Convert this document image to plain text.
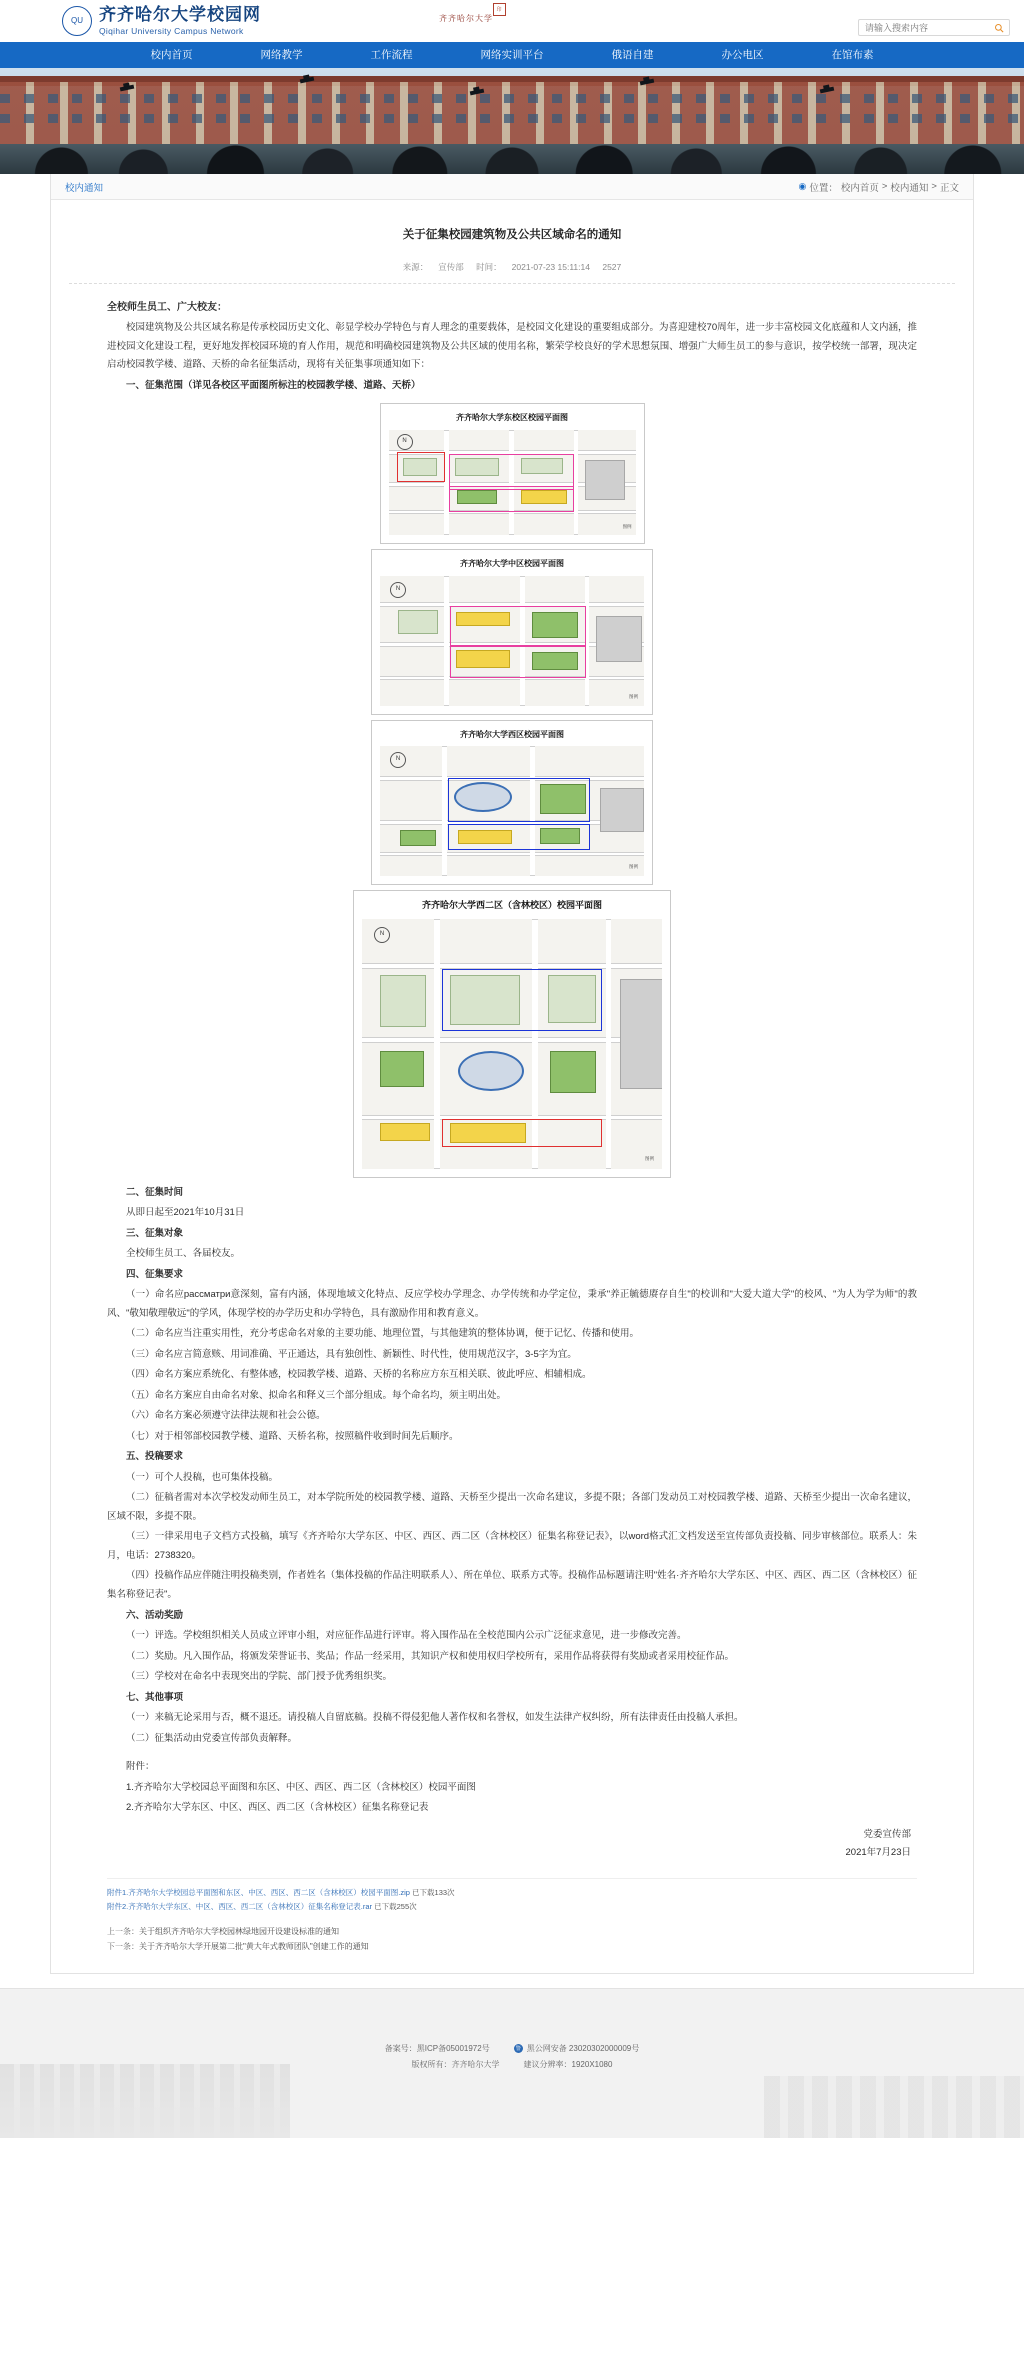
QU 齐齐哈尔大学校园网
Qiqihar University Campus Network
齐齐哈尔大学
印
请输入搜索内容
校内首页	网络教学	工作流程	网络实训平台	俄语自建	办公电区	在馆布素
校内通知	◉ 位置： 校内首页 > 校内通知 > 正文
关于征集校园建筑物及公共区域命名的通知
来源： 宣传部 时间： 2021-07-23 15:11:14 2527

全校师生员工、广大校友：

校园建筑物及公共区域名称是传承校园历史文化、彰显学校办学特色与育人理念的重要载体，是校园文化建设的重要组成部分。为喜迎建校70周年，进一步丰富校园文化底蕴和人文内涵，推进校园文化建设工程，更好地发挥校园环境的育人作用，规范和明确校园建筑物及公共区域的使用名称，繁荣学校良好的学术思想氛围、增强广大师生员工的参与意识，按学校统一部署，现决定启动校园教学楼、道路、天桥的命名征集活动，现将有关征集事项通知如下：

一、征集范围（详见各校区平面图所标注的校园教学楼、道路、天桥）

齐齐哈尔大学东校区校园平面图
N
图例
齐齐哈尔大学中区校园平面图
N
图例
齐齐哈尔大学西区校园平面图
N
图例
齐齐哈尔大学西二区（含林校区）校园平面图
N
图例

二、征集时间

从即日起至2021年10月31日

三、征集对象

全校师生员工、各届校友。

四、征集要求

（一）命名应рассматри意深刻，富有内涵，体现地域文化特点、反应学校办学理念、办学传统和办学定位，秉承"养正毓德赓存自生"的校训和"大爱大道大学"的校风、"为人为学为师"的教风、"敬知敬理敬远"的学风，体现学校的办学历史和办学特色，具有激励作用和教育意义。

（二）命名应当注重实用性，充分考虑命名对象的主要功能、地理位置，与其他建筑的整体协调，便于记忆、传播和使用。

（三）命名应言简意赅、用词准确、平正通达，具有独创性、新颖性、时代性，使用规范汉字，3-5字为宜。

（四）命名方案应系统化、有整体感，校园教学楼、道路、天桥的名称应方东互相关联、彼此呼应、相辅相成。

（五）命名方案应自由命名对象、拟命名和释义三个部分组成。每个命名均，须主明出处。

（六）命名方案必须遵守法律法规和社会公德。

（七）对于相邻部校园教学楼、道路、天桥名称，按照稿件收到时间先后顺序。

五、投稿要求

（一）可个人投稿，也可集体投稿。

（二）征稿者需对本次学校发动师生员工，对本学院所处的校园教学楼、道路、天桥至少提出一次命名建议，多提不限；各部门发动员工对校园教学楼、道路、天桥至少提出一次命名建议，区域不限，多提不限。

（三）一律采用电子文档方式投稿，填写《齐齐哈尔大学东区、中区、西区、西二区（含林校区）征集名称登记表》，以word格式汇文档发送至宣传部负责投稿、同步审核部位。联系人：朱月，电话：2738320。

（四）投稿作品应伴随注明投稿类别，作者姓名（集体投稿的作品注明联系人）、所在单位、联系方式等。投稿作品标题请注明"姓名·齐齐哈尔大学东区、中区、西区、西二区（含林校区）征集名称登记表"。

六、活动奖励

（一）评选。学校组织相关人员成立评审小组，对应征作品进行评审。将入围作品在全校范围内公示广泛征求意见，进一步修改完善。

（二）奖励。凡入围作品，将颁发荣誉证书、奖品；作品一经采用，其知识产权和使用权归学校所有，采用作品将获得有奖励或者采用校征作品。

（三）学校对在命名中表现突出的学院、部门授予优秀组织奖。

七、其他事项

（一）来稿无论采用与否，概不退还。请投稿人自留底稿。投稿不得侵犯他人著作权和名誉权，如发生法律产权纠纷，所有法律责任由投稿人承担。

（二）征集活动由党委宣传部负责解释。

附件：

1.齐齐哈尔大学校园总平面图和东区、中区、西区、西二区（含林校区）校园平面图

2.齐齐哈尔大学东区、中区、西区、西二区（含林校区）征集名称登记表

党委宣传部
2021年7月23日
附件1.齐齐哈尔大学校园总平面图和东区、中区、西区、西二区（含林校区）校园平面图.zip 已下载133次
附件2.齐齐哈尔大学东区、中区、西区、西二区（含林校区）征集名称登记表.rar 已下载255次
上一条：关于组织齐齐哈尔大学校园林绿地园开设建设标准的通知
下一条：关于齐齐哈尔大学开展第二批"黄大年式教师团队"创建工作的通知
备案号：黑ICP备05001972号	警 黑公网安备 23020302000009号
版权所有：齐齐哈尔大学	建议分辨率：1920X1080
